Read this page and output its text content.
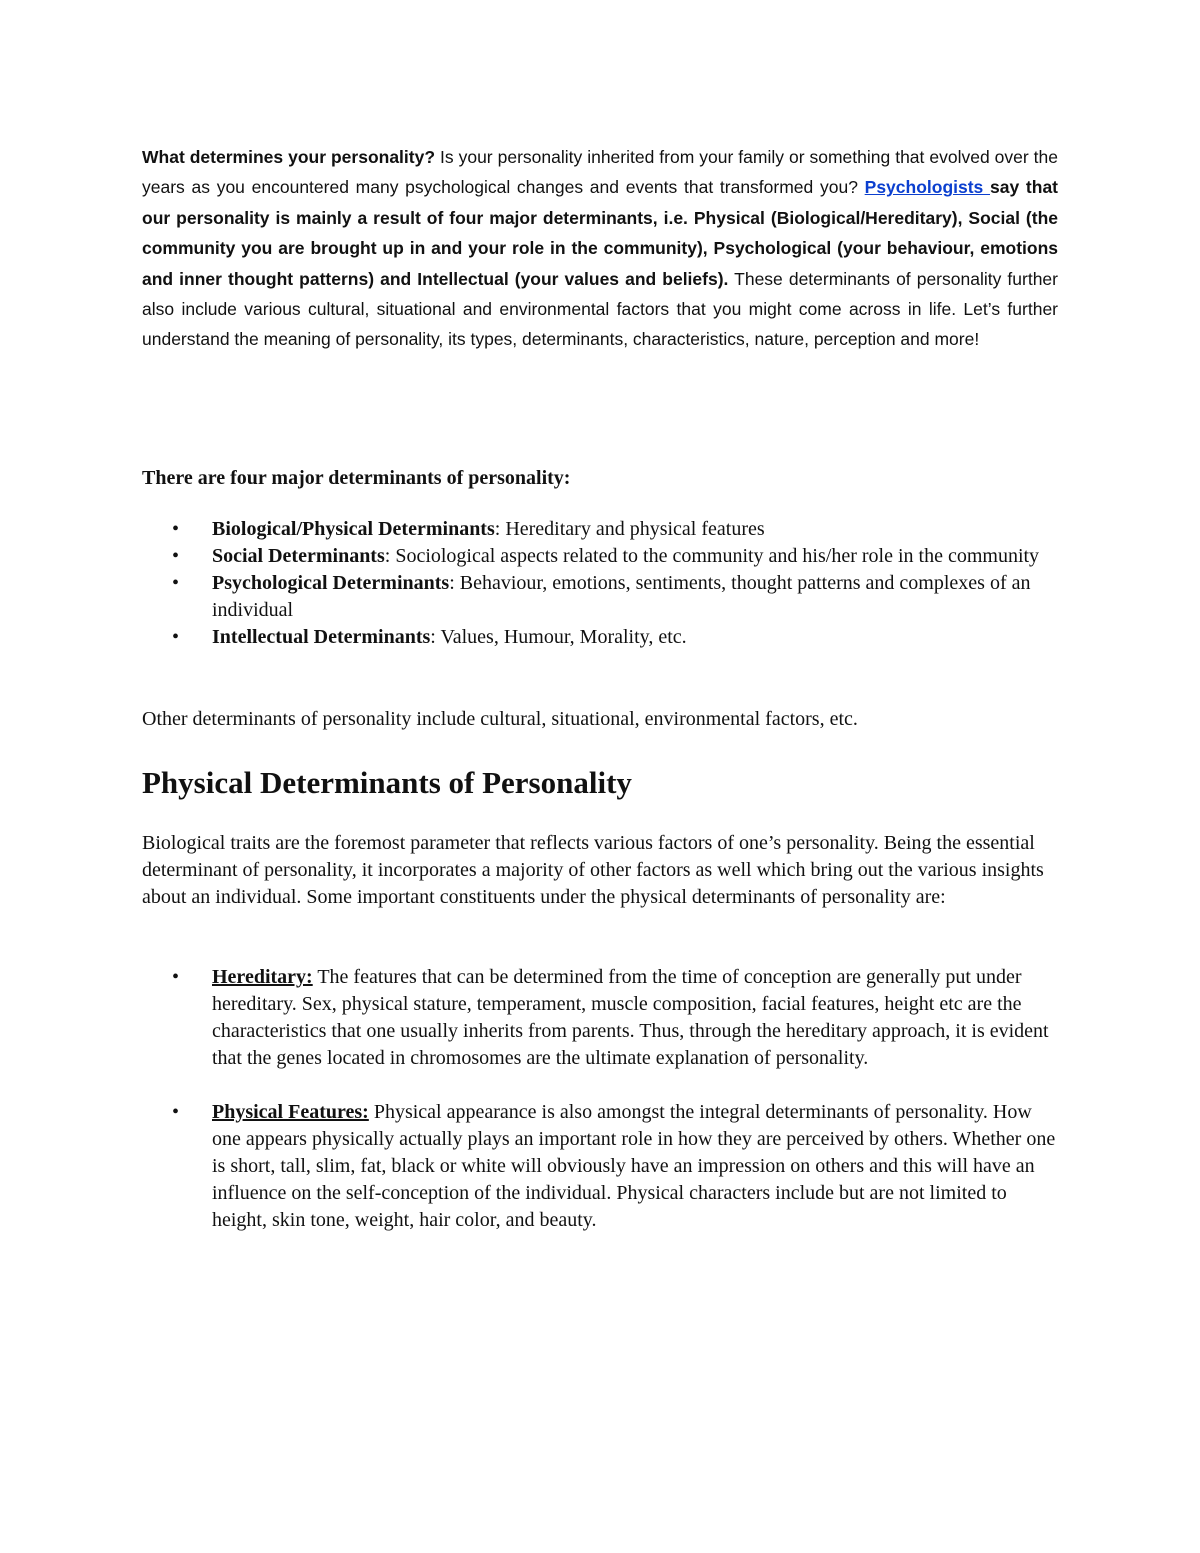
What determines your personality? Is your personality inherited from your family or something that evolved over the years as you encountered many psychological changes and events that transformed you? Psychologists say that our personality is mainly a result of four major determinants, i.e. Physical (Biological/Hereditary), Social (the community you are brought up in and your role in the community), Psychological (your behaviour, emotions and inner thought patterns) and Intellectual (your values and beliefs). These determinants of personality further also include various cultural, situational and environmental factors that you might come across in life. Let’s further understand the meaning of personality, its types, determinants, characteristics, nature, perception and more!

There are four major determinants of personality:

• Biological/Physical Determinants: Hereditary and physical features
• Social Determinants: Sociological aspects related to the community and his/her role in the community
• Psychological Determinants: Behaviour, emotions, sentiments, thought patterns and complexes of an individual
• Intellectual Determinants: Values, Humour, Morality, etc.

Other determinants of personality include cultural, situational, environmental factors, etc.

Physical Determinants of Personality

Biological traits are the foremost parameter that reflects various factors of one’s personality. Being the essential determinant of personality, it incorporates a majority of other factors as well which bring out the various insights about an individual. Some important constituents under the physical determinants of personality are:

• Hereditary: The features that can be determined from the time of conception are generally put under hereditary. Sex, physical stature, temperament, muscle composition, facial features, height etc are the characteristics that one usually inherits from parents. Thus, through the hereditary approach, it is evident that the genes located in chromosomes are the ultimate explanation of personality.
• Physical Features: Physical appearance is also amongst the integral determinants of personality. How one appears physically actually plays an important role in how they are perceived by others. Whether one is short, tall, slim, fat, black or white will obviously have an impression on others and this will have an influence on the self-conception of the individual. Physical characters include but are not limited to height, skin tone, weight, hair color, and beauty.
